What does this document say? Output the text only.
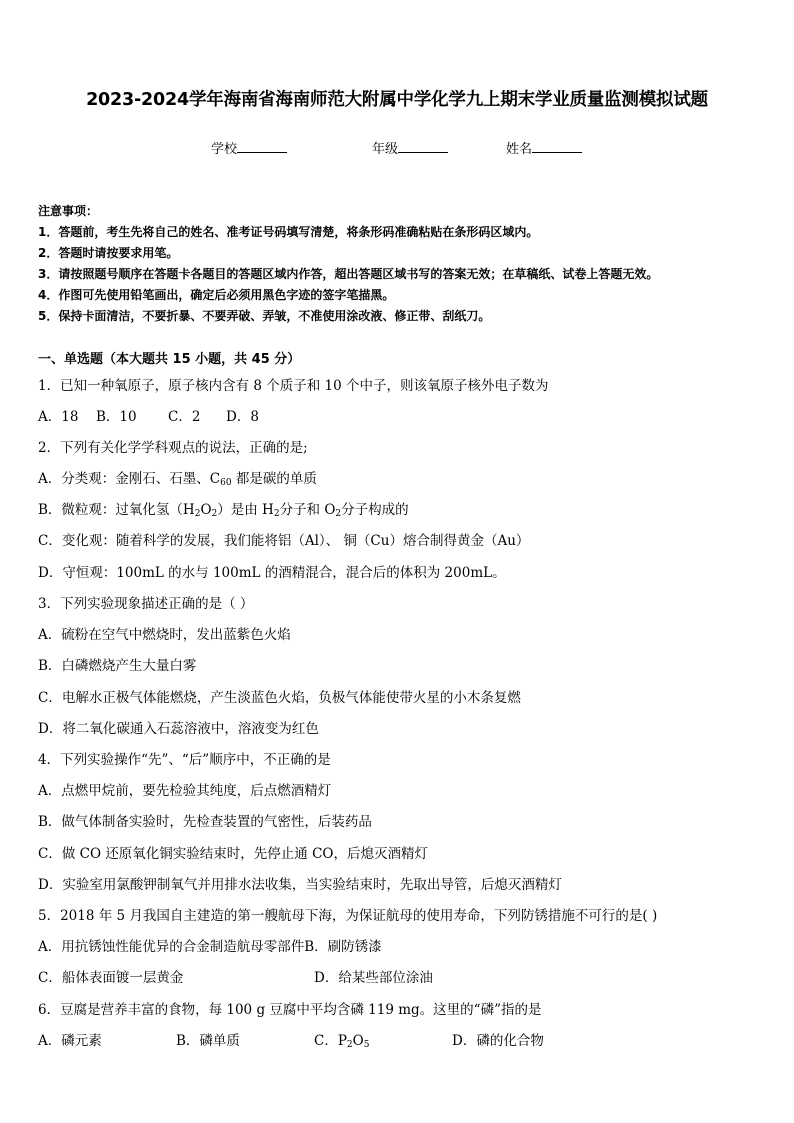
2023-2024学年海南省海南师范大附属中学化学九上期末学业质量监测模拟试题
学校	年级	姓名
注意事项：
1．答题前，考生先将自己的姓名、准考证号码填写清楚，将条形码准确粘贴在条形码区域内。
2．答题时请按要求用笔。
3．请按照题号顺序在答题卡各题目的答题区域内作答，超出答题区域书写的答案无效；在草稿纸、试卷上答题无效。
4．作图可先使用铅笔画出，确定后必须用黑色字迹的签字笔描黑。
5．保持卡面清洁，不要折暴、不要弄破、弄皱，不准使用涂改液、修正带、刮纸刀。
一、单选题（本大题共 15 小题，共 45 分）
1．已知一种氧原子，原子核内含有 8 个质子和 10 个中子，则该氧原子核外电子数为
A．18 B．10 C．2 D．8
2．下列有关化学学科观点的说法，正确的是;
A．分类观：金刚石、石墨、$C_{60}$ 都是碳的单质
B．微粒观：过氧化氢$(H_2O_2)$是由 $H_2$分子和 $O_2$分子构成的
C．变化观：随着科学的发展，我们能将铝（Al）、 铜（Cu）熔合制得黄金（Au）
D．守恒观：100mL 的水与 100mL 的酒精混合，混合后的体积为 200mL。
3．下列实验现象描述正确的是（ ）
A．硫粉在空气中燃烧时，发出蓝紫色火焰
B．白磷燃烧产生大量白雾
C．电解水正极气体能燃烧，产生淡蓝色火焰，负极气体能使带火星的小木条复燃
D．将二氧化碳通入石蕊溶液中，溶液变为红色
4．下列实验操作“先”、“后”顺序中，不正确的是
A．点燃甲烷前，要先检验其纯度，后点燃酒精灯
B．做气体制备实验时，先检查装置的气密性，后装药品
C．做 CO 还原氧化铜实验结束时，先停止通 CO，后熄灭酒精灯
D．实验室用氯酸钾制氧气并用排水法收集，当实验结束时，先取出导管，后熄灭酒精灯
5．2018 年 5 月我国自主建造的第一艘航母下海，为保证航母的使用寿命，下列防锈措施不可行的是( )
A．用抗锈蚀性能优异的合金制造航母零部件B．刷防锈漆
C．船体表面镀一层黄金	D．给某些部位涂油
6．豆腐是营养丰富的食物，每 100 g 豆腐中平均含磷 119 mg。这里的“磷”指的是
A．磷元素	B．磷单质	C．$P_2O_5$	D．磷的化合物
